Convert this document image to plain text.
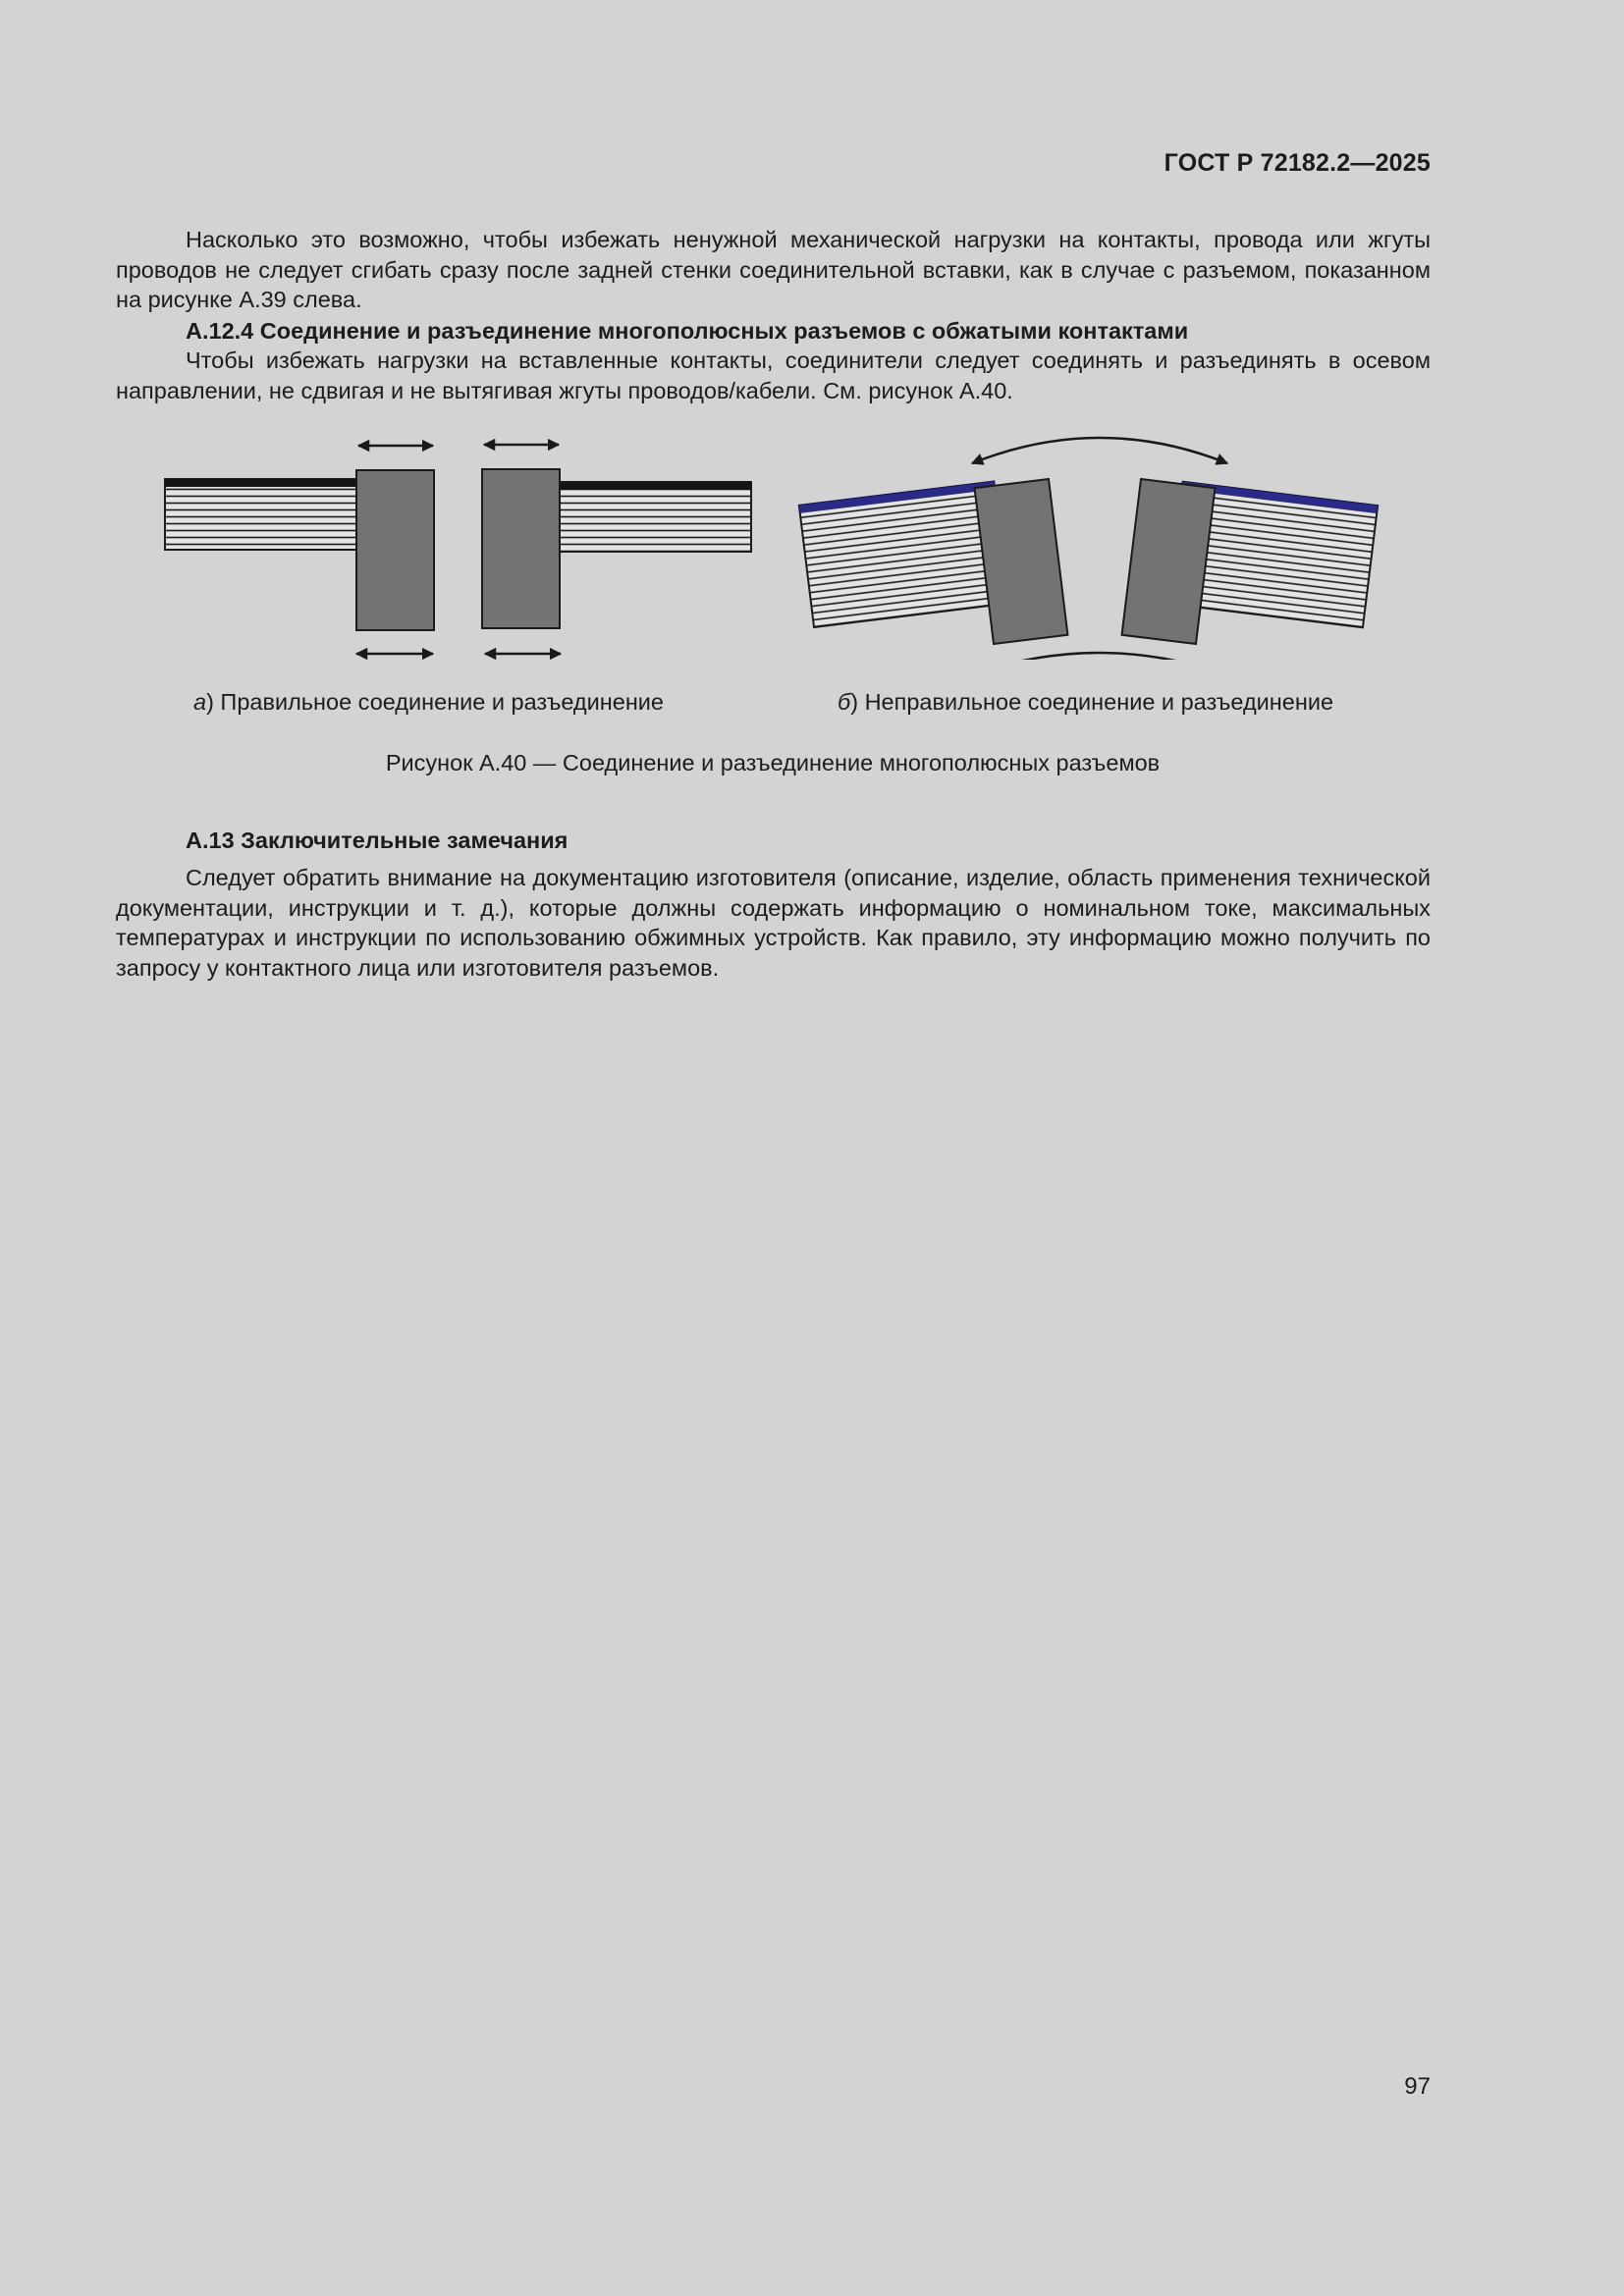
ГОСТ Р 72182.2—2025

Насколько это возможно, чтобы избежать ненужной механической нагрузки на контакты, провода или жгуты проводов не следует сгибать сразу после задней стенки соединительной вставки, как в случае с разъемом, показанном на рисунке А.39 слева.

А.12.4 Соединение и разъединение многополюсных разъемов с обжатыми контактами

Чтобы избежать нагрузки на вставленные контакты, соединители следует соединять и разъединять в осевом направлении, не сдвигая и не вытягивая жгуты проводов/кабели. См. рисунок А.40.

а) Правильное соединение и разъединение	б) Неправильное соединение и разъединение
Рисунок А.40 — Соединение и разъединение многополюсных разъемов

А.13 Заключительные замечания

Следует обратить внимание на документацию изготовителя (описание, изделие, область применения технической документации, инструкции и т. д.), которые должны содержать информацию о номинальном токе, максимальных температурах и инструкции по использованию обжимных устройств. Как правило, эту информацию можно получить по запросу у контактного лица или изготовителя разъемов.

97
